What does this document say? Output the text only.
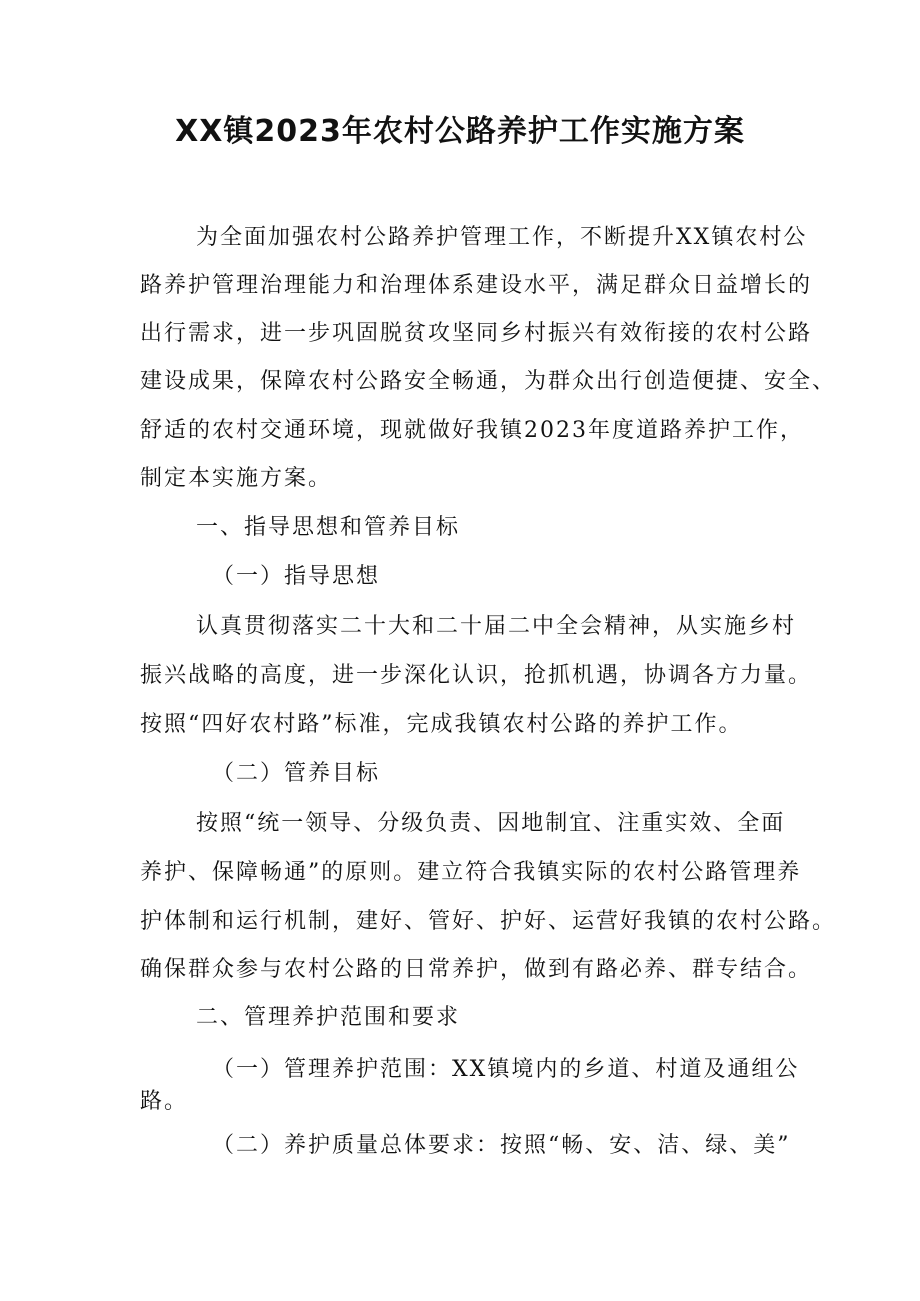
XX镇2023年农村公路养护工作实施方案
为全面加强农村公路养护管理工作，不断提升XX镇农村公
路养护管理治理能力和治理体系建设水平，满足群众日益增长的
出行需求，进一步巩固脱贫攻坚同乡村振兴有效衔接的农村公路
建设成果，保障农村公路安全畅通，为群众出行创造便捷、安全、
舒适的农村交通环境，现就做好我镇2023年度道路养护工作，
制定本实施方案。
一、指导思想和管养目标
（一）指导思想
认真贯彻落实二十大和二十届二中全会精神，从实施乡村
振兴战略的高度，进一步深化认识，抢抓机遇，协调各方力量。
按照“四好农村路”标准，完成我镇农村公路的养护工作。
（二）管养目标
按照“统一领导、分级负责、因地制宜、注重实效、全面
养护、保障畅通”的原则。建立符合我镇实际的农村公路管理养
护体制和运行机制，建好、管好、护好、运营好我镇的农村公路。
确保群众参与农村公路的日常养护，做到有路必养、群专结合。
二、管理养护范围和要求
（一）管理养护范围：XX镇境内的乡道、村道及通组公
路。
（二）养护质量总体要求：按照“畅、安、洁、绿、美”
